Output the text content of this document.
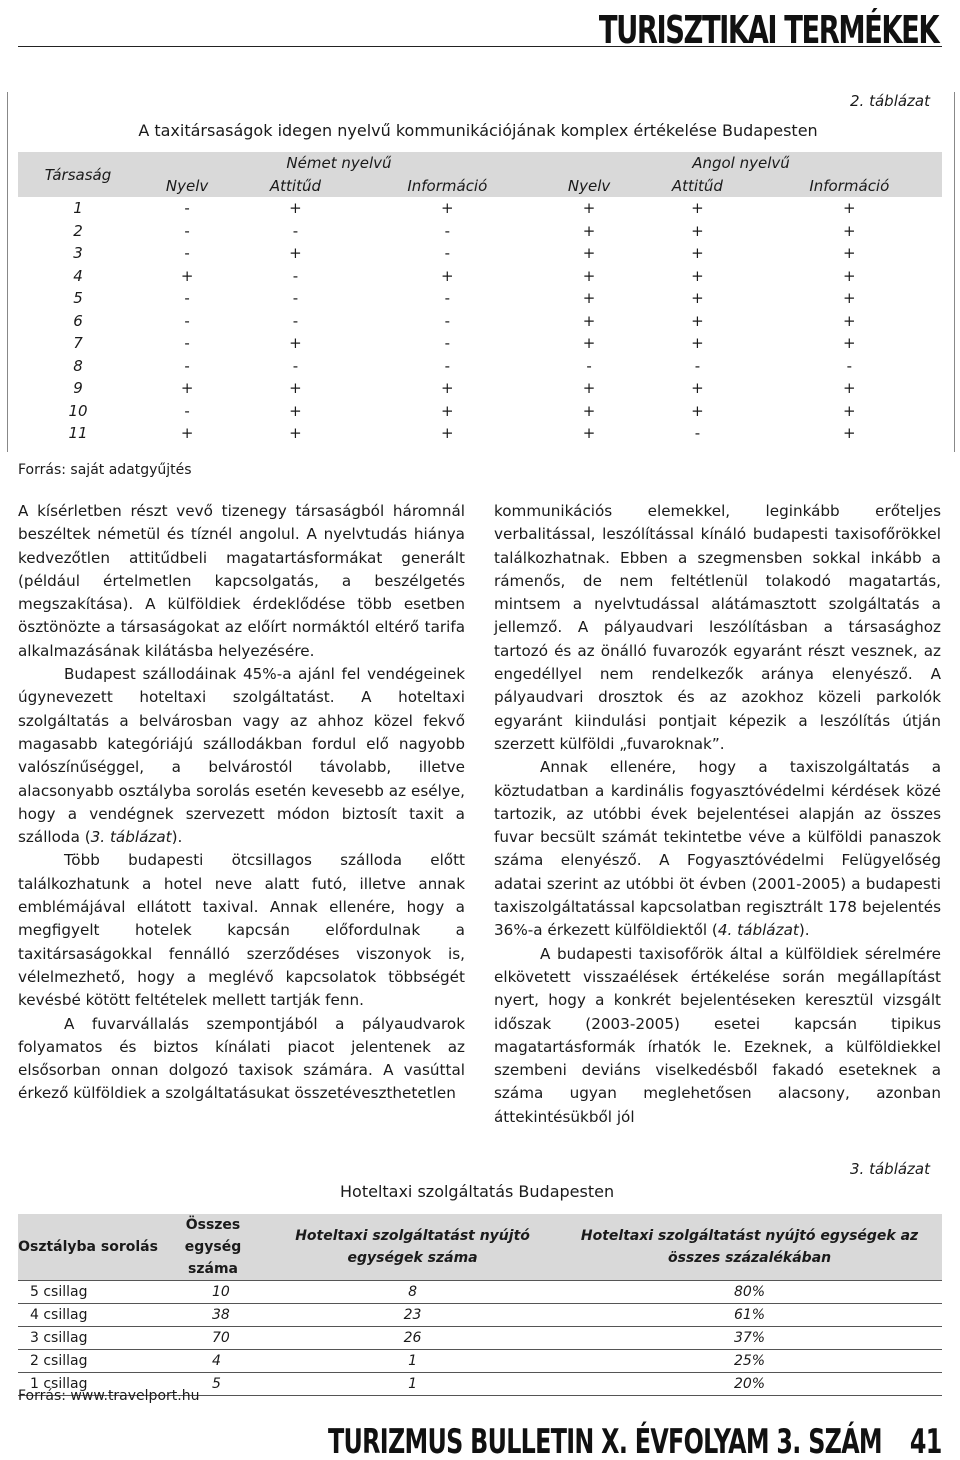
TURISZTIKAI TERMÉKEK
2. táblázat
A taxitársaságok idegen nyelvű kommunikációjának komplex értékelése Budapesten
Társaság	Német nyelvű			Angol nyelvű		
	Nyelv	Attitűd	Információ	Nyelv	Attitűd	Információ
1	-	+	+	+	+	+
2	-	-	-	+	+	+
3	-	+	-	+	+	+
4	+	-	+	+	+	+
5	-	-	-	+	+	+
6	-	-	-	+	+	+
7	-	+	-	+	+	+
8	-	-	-	-	-	-
9	+	+	+	+	+	+
10	-	+	+	+	+	+
11	+	+	+	+	-	+
Forrás: saját adatgyűjtés

A kísérletben részt vevő tizenegy társaságból háromnál beszéltek németül és tíznél angolul. A nyelvtudás hiánya kedvezőtlen attitűdbeli magatartásformákat generált (például értelmetlen kapcsolgatás, a beszélgetés megszakítása). A külföldiek érdeklődése több esetben ösztönözte a társaságokat az előírt normáktól eltérő tarifa alkalmazásának kilátásba helyezésére.

Budapest szállodáinak 45%-a ajánl fel vendégeinek úgynevezett hoteltaxi szolgáltatást. A hoteltaxi szolgáltatás a belvárosban vagy az ahhoz közel fekvő magasabb kategóriájú szállodákban fordul elő nagyobb valószínűséggel, a belvárostól távolabb, illetve alacsonyabb osztályba sorolás esetén kevesebb az esélye, hogy a vendégnek szervezett módon biztosít taxit a szálloda (3. táblázat).

Több budapesti ötcsillagos szálloda előtt találkozhatunk a hotel neve alatt futó, illetve annak emblémájával ellátott taxival. Annak ellenére, hogy a megfigyelt hotelek kapcsán előfordulnak a taxitársaságokkal fennálló szerződéses viszonyok is, vélelmezhető, hogy a meglévő kapcsolatok többségét kevésbé kötött feltételek mellett tartják fenn.

A fuvarvállalás szempontjából a pályaudvarok folyamatos és biztos kínálati piacot jelentenek az elsősorban onnan dolgozó taxisok számára. A vasúttal érkező külföldiek a szolgáltatásukat összetéveszthetetlen

kommunikációs elemekkel, leginkább erőteljes verbalitással, leszólítással kínáló budapesti taxisofőrökkel találkozhatnak. Ebben a szegmensben sokkal inkább a rámenős, de nem feltétlenül tolakodó magatartás, mintsem a nyelvtudással alátámasztott szolgáltatás a jellemző. A pályaudvari leszólításban a társasághoz tartozó és az önálló fuvarozók egyaránt részt vesznek, az engedéllyel nem rendelkezők aránya elenyésző. A pályaudvari drosztok és az azokhoz közeli parkolók egyaránt kiindulási pontjait képezik a leszólítás útján szerzett külföldi „fuvaroknak”.

Annak ellenére, hogy a taxiszolgáltatás a köztudatban a kardinális fogyasztóvédelmi kérdések közé tartozik, az utóbbi évek bejelentései alapján az összes fuvar becsült számát tekintetbe véve a külföldi panaszok száma elenyésző. A Fogyasztóvédelmi Felügyelőség adatai szerint az utóbbi öt évben (2001-2005) a budapesti taxiszolgáltatással kapcsolatban regisztrált 178 bejelentés 36%-a érkezett külföldiektől (4. táblázat).

A budapesti taxisofőrök által a külföldiek sérelmére elkövetett visszaélések értékelése során megállapítást nyert, hogy a konkrét bejelentéseken keresztül vizsgált időszak (2003-2005) esetei kapcsán tipikus magatartásformák írhatók le. Ezeknek, a külföldiekkel szembeni deviáns viselkedésből fakadó eseteknek a száma ugyan meglehetősen alacsony, azonban áttekintésükből jól

3. táblázat
Hoteltaxi szolgáltatás Budapesten
Osztályba sorolás	Összes egység száma	Hoteltaxi szolgáltatást nyújtó egységek száma	Hoteltaxi szolgáltatást nyújtó egységek az összes százalékában
5 csillag	10	8	80%
4 csillag	38	23	61%
3 csillag	70	26	37%
2 csillag	4	1	25%
1 csillag	5	1	20%
Forrás: www.travelport.hu
TURIZMUS BULLETIN X. ÉVFOLYAM 3. SZÁM 41
